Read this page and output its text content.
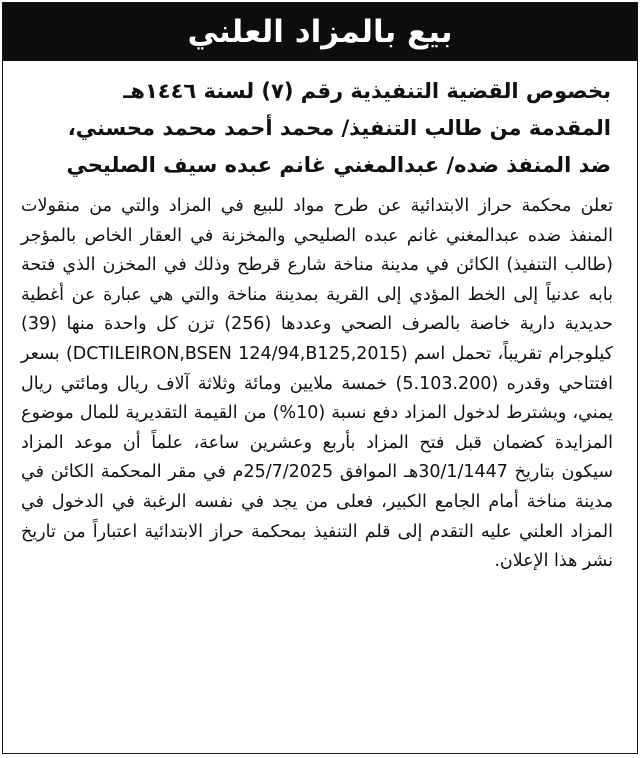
بيع بالمزاد العلني
بخصوص القضية التنفيذية رقم (٧) لسنة ١٤٤٦هـ
المقدمة من طالب التنفيذ/ محمد أحمد محمد محسني،
ضد المنفذ ضده/ عبدالمغني غانم عبده سيف الصليحي
تعلن محكمة حراز الابتدائية عن طرح مواد للبيع في المزاد والتي من منقولات المنفذ ضده عبدالمغني غانم عبده الصليحي والمخزنة في العقار الخاص بالمؤجر (طالب التنفيذ) الكائن في مدينة مناخة شارع قرطح وذلك في المخزن الذي فتحة بابه عدنياً إلى الخط المؤدي إلى القرية بمدينة مناخة والتي هي عبارة عن أغطية حديدية دارية خاصة بالصرف الصحي وعددها (256) تزن كل واحدة منها (39) كيلوجرام تقريباً، تحمل اسم (DCTILEIRON,BSEN 124/94,B125,2015) بسعر افتتاحي وقدره (5.103.200) خمسة ملايين ومائة وثلاثة آلاف ريال ومائتي ريال يمني، ويشترط لدخول المزاد دفع نسبة (10%) من القيمة التقديرية للمال موضوع المزايدة كضمان قبل فتح المزاد بأربع وعشرين ساعة، علماً أن موعد المزاد سيكون بتاريخ 30/1/1447هـ الموافق 25/7/2025م في مقر المحكمة الكائن في مدينة مناخة أمام الجامع الكبير، فعلى من يجد في نفسه الرغبة في الدخول في المزاد العلني عليه التقدم إلى قلم التنفيذ بمحكمة حراز الابتدائية اعتباراً من تاريخ نشر هذا الإعلان.
